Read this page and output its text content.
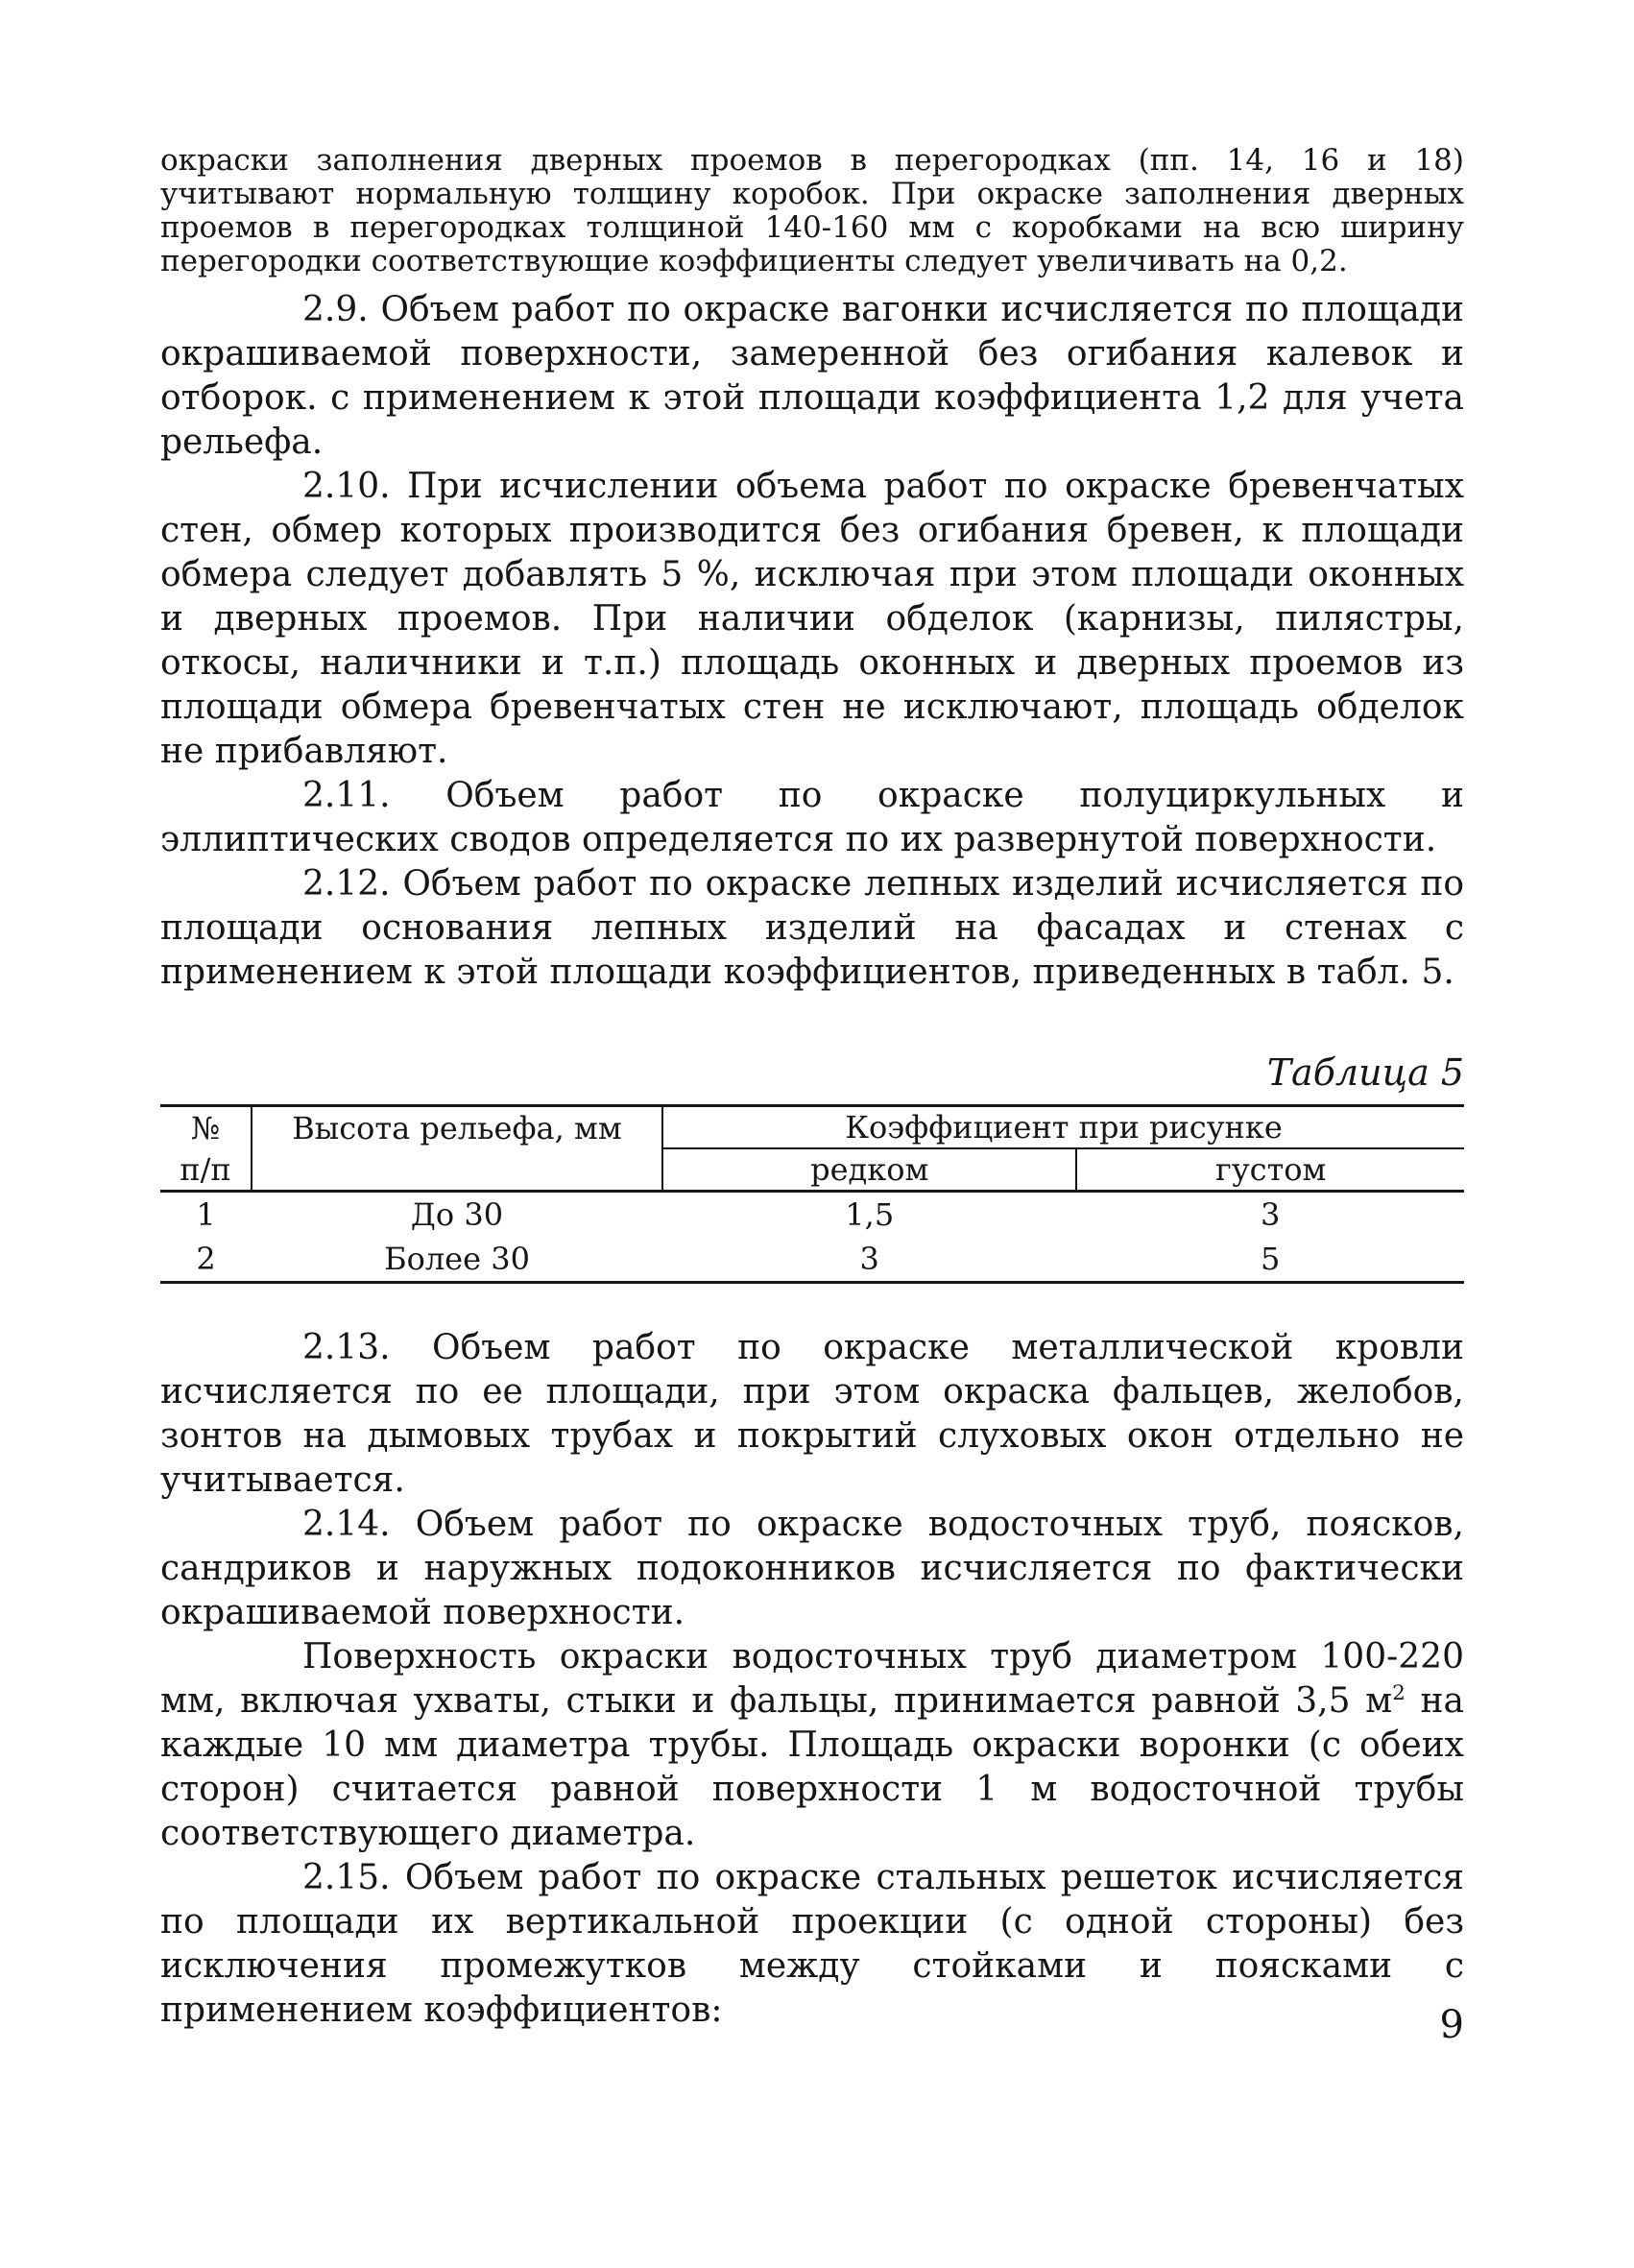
окраски заполнения дверных проемов в перегородках (пп. 14, 16 и 18) учитывают нормальную толщину коробок. При окраске заполнения дверных проемов в перегородках толщиной 140-160 мм с коробками на всю ширину перегородки соответствующие коэффициенты следует увеличивать на 0,2.

2.9. Объем работ по окраске вагонки исчисляется по площади окрашиваемой поверхности, замеренной без огибания калевок и отборок. с применением к этой площади коэффициента 1,2 для учета рельефа.

2.10. При исчислении объема работ по окраске бревенчатых стен, обмер которых производится без огибания бревен, к площади обмера следует добавлять 5 %, исключая при этом площади оконных и дверных проемов. При наличии обделок (карнизы, пилястры, откосы, наличники и т.п.) площадь оконных и дверных проемов из площади обмера бревенчатых стен не исключают, площадь обделок не прибавляют.

2.11. Объем работ по окраске полуциркульных и эллиптических сводов определяется по их развернутой поверхности.

2.12. Объем работ по окраске лепных изделий исчисляется по площади основания лепных изделий на фасадах и стенах с применением к этой площади коэффициентов, приведенных в табл. 5.

Таблица 5
№	Высота рельефа, мм	Коэффициент при рисунке	
п/п		редком	густом
1	До 30	1,5	3
2	Более 30	3	5

2.13. Объем работ по окраске металлической кровли исчисляется по ее площади, при этом окраска фальцев, желобов, зонтов на дымовых трубах и покрытий слуховых окон отдельно не учитывается.

2.14. Объем работ по окраске водосточных труб, поясков, сандриков и наружных подоконников исчисляется по фактически окрашиваемой поверхности.

Поверхность окраски водосточных труб диаметром 100-220 мм, включая ухваты, стыки и фальцы, принимается равной 3,5 $м^2$ на каждые 10 мм диаметра трубы. Площадь окраски воронки (с обеих сторон) считается равной поверхности 1 м водосточной трубы соответствующего диаметра.

2.15. Объем работ по окраске стальных решеток исчисляется по площади их вертикальной проекции (с одной стороны) без исключения промежутков между стойками и поясками с применением коэффициентов:	9
